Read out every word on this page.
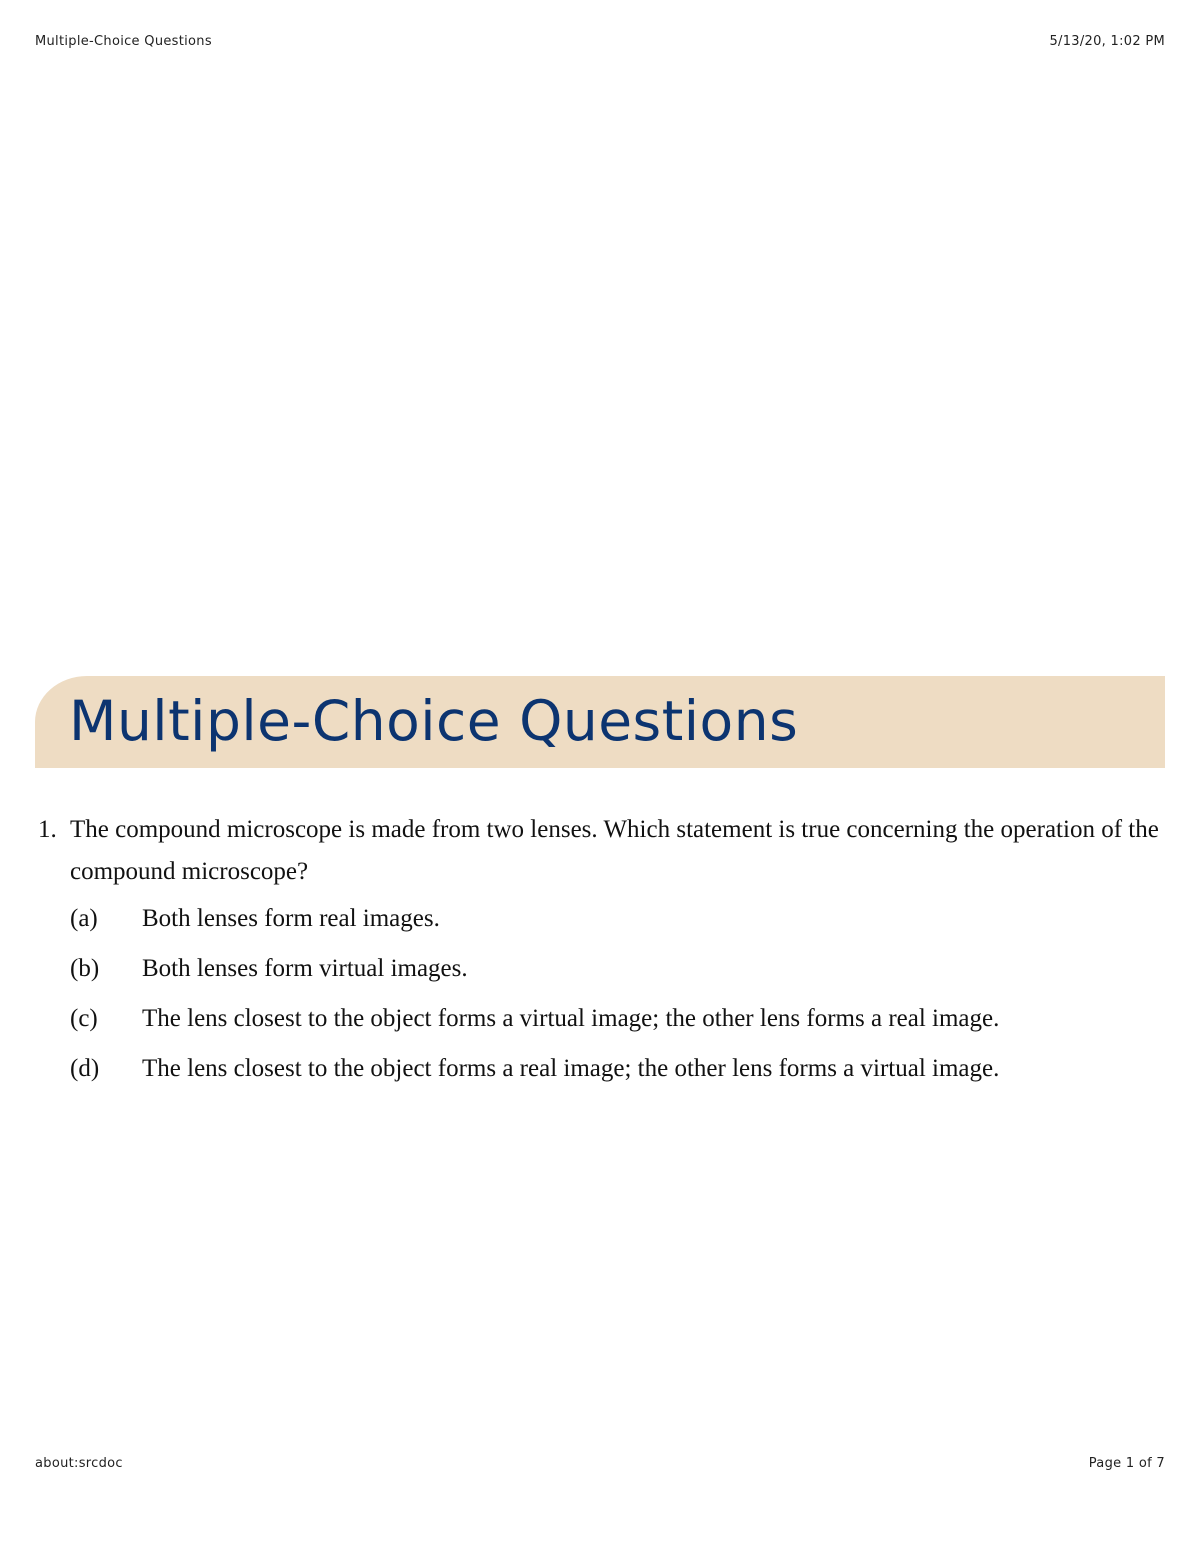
Multiple-Choice Questions	5/13/20, 1:02 PM
Multiple-Choice Questions
1. The compound microscope is made from two lenses. Which statement is true concerning the operation of the compound microscope?
(a)	Both lenses form real images.
(b)	Both lenses form virtual images.
(c)	The lens closest to the object forms a virtual image; the other lens forms a real image.
(d)	The lens closest to the object forms a real image; the other lens forms a virtual image.
about:srcdoc	Page 1 of 7
